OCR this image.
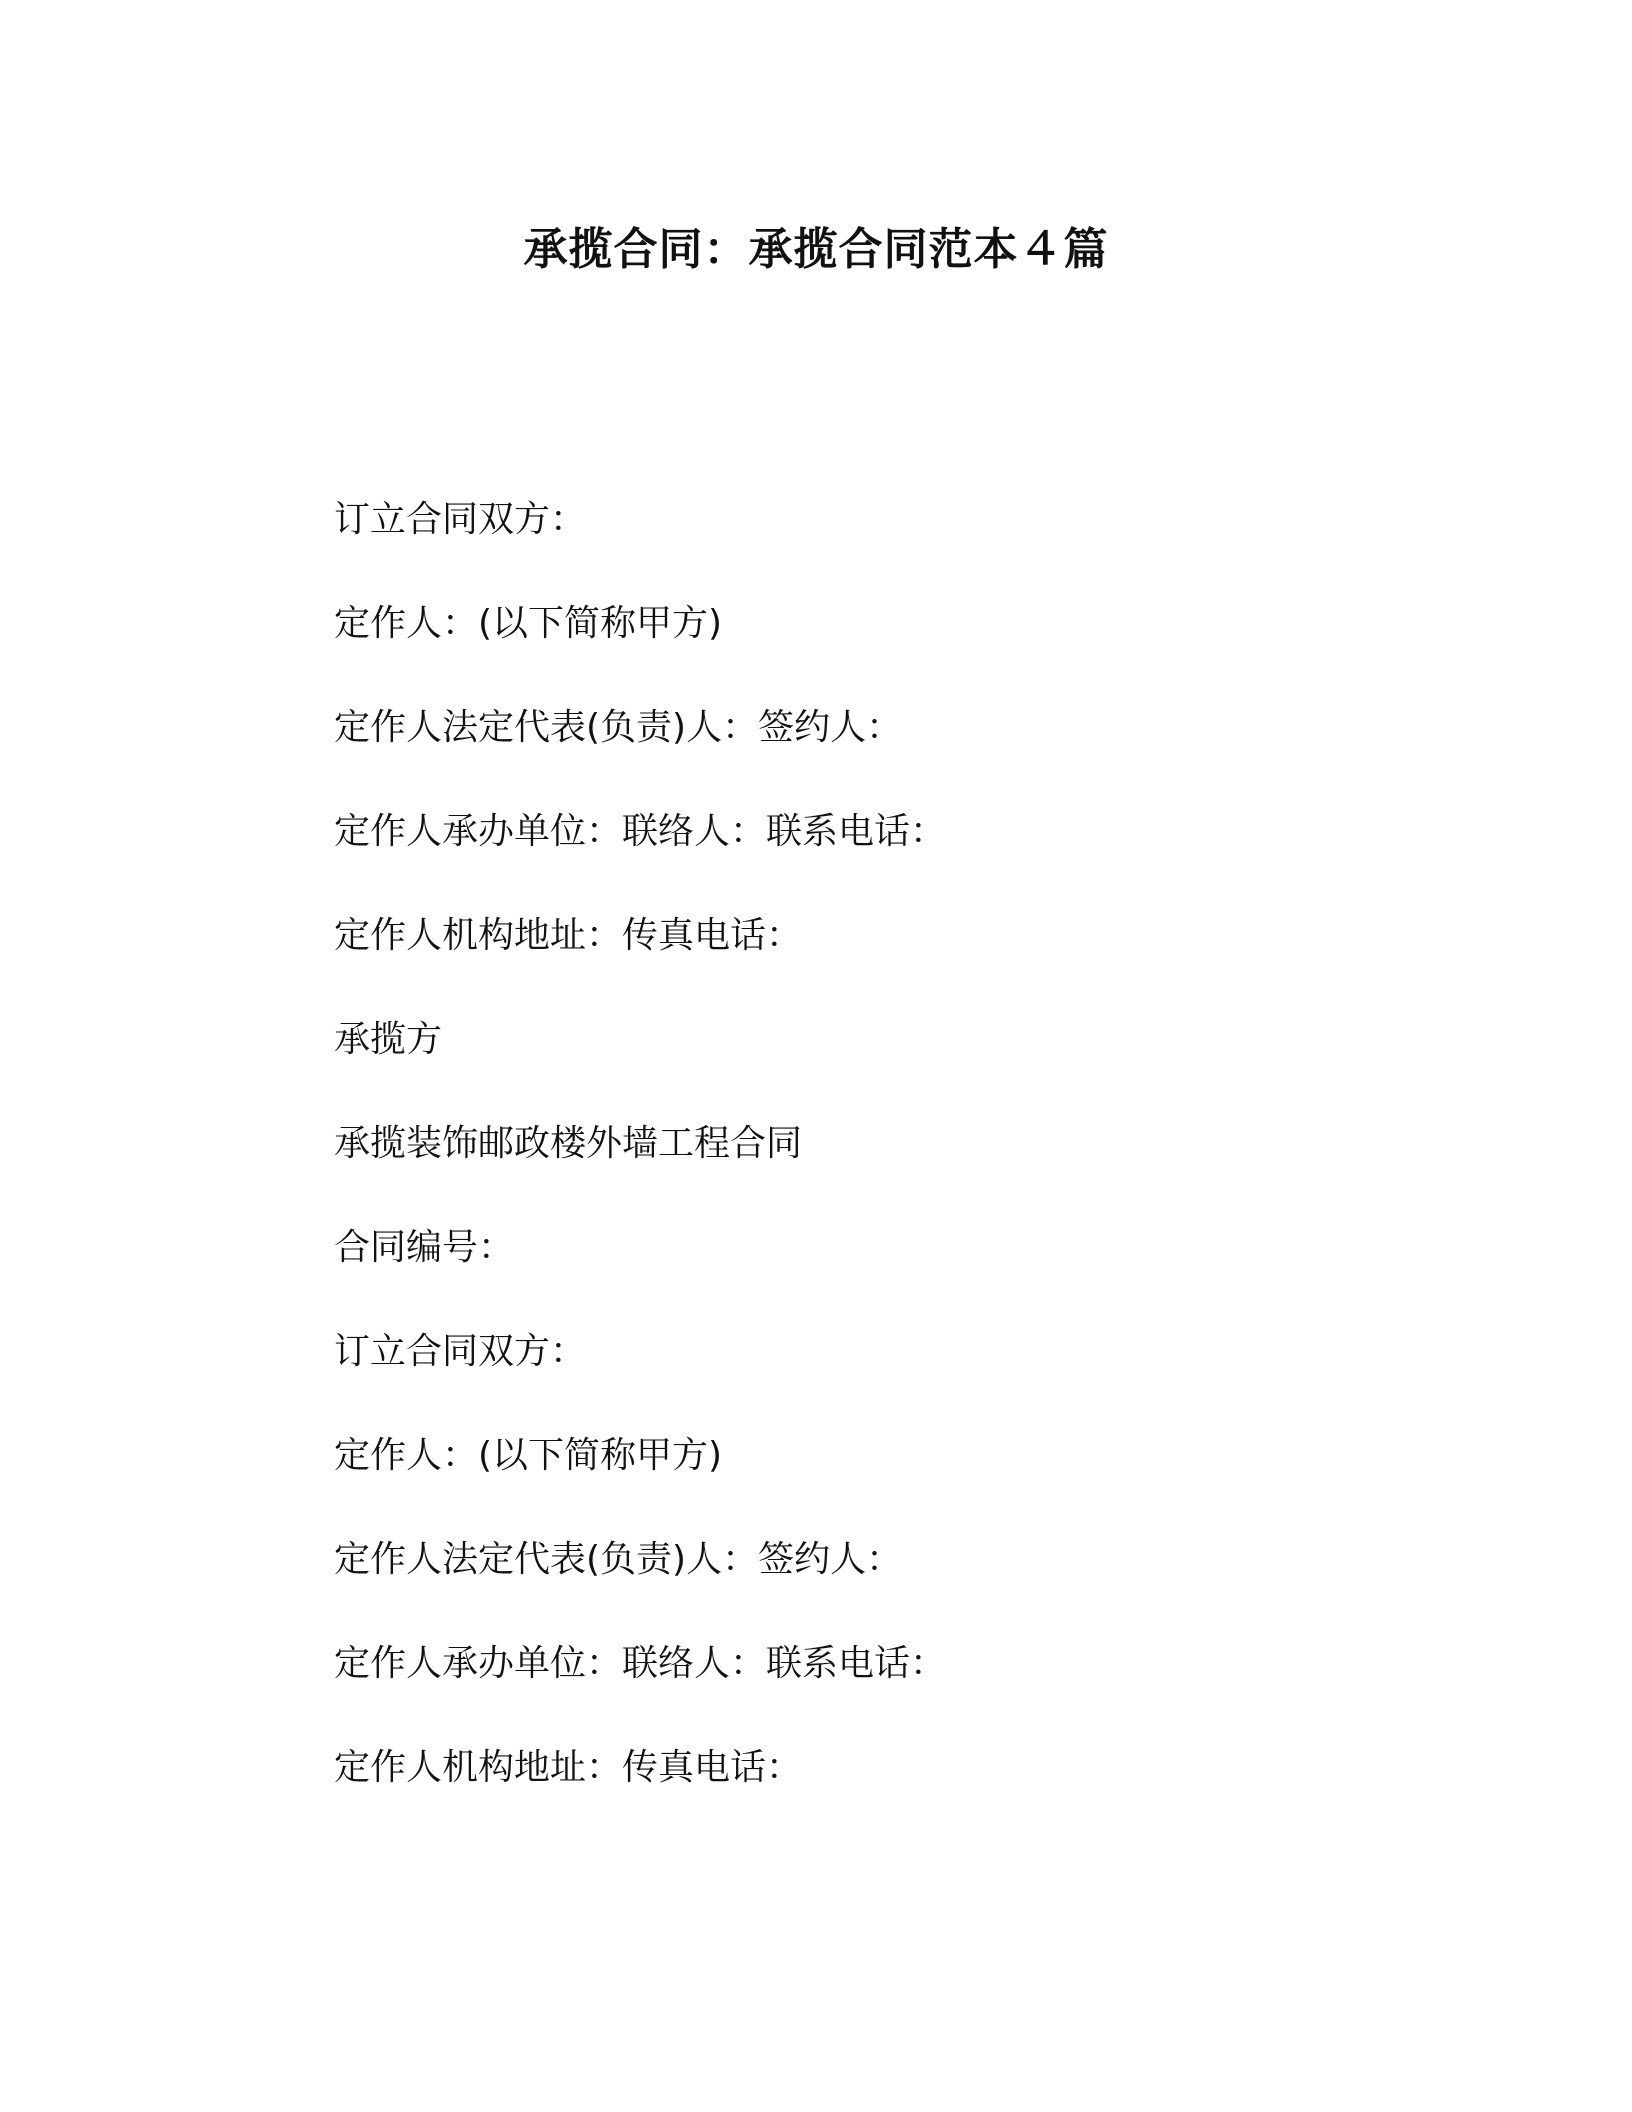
承揽合同：承揽合同范本４篇
订立合同双方：
定作人：(以下简称甲方)
定作人法定代表(负责)人：签约人：
定作人承办单位：联络人：联系电话：
定作人机构地址：传真电话：
承揽方
承揽装饰邮政楼外墙工程合同
合同编号：
订立合同双方：
定作人：(以下简称甲方)
定作人法定代表(负责)人：签约人：
定作人承办单位：联络人：联系电话：
定作人机构地址：传真电话：
